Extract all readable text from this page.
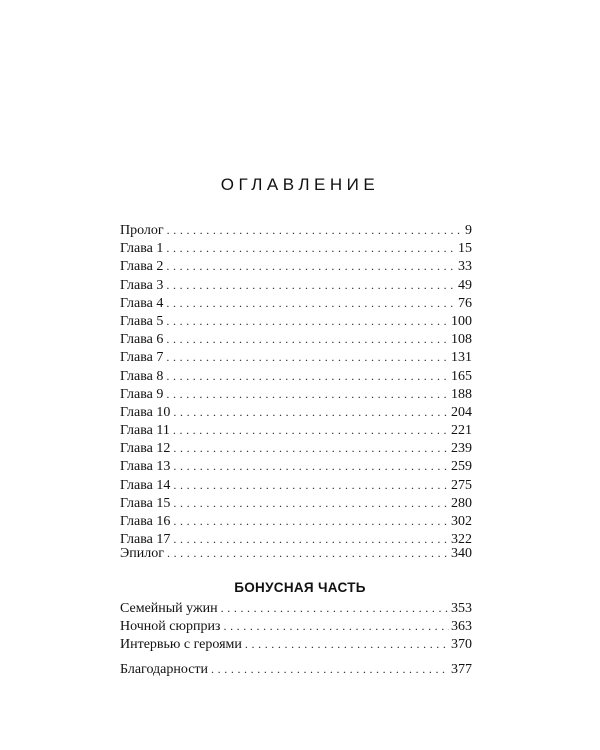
ОГЛАВЛЕНИЕ
Пролог . . .	9
Глава 1 . . .	15
Глава 2 . . .	33
Глава 3 . . .	49
Глава 4 . . .	76
Глава 5 . . .	100
Глава 6 . . .	108
Глава 7 . . .	131
Глава 8 . . .	165
Глава 9 . . .	188
Глава 10 . . .	204
Глава 11 . . .	221
Глава 12 . . .	239
Глава 13 . . .	259
Глава 14 . . .	275
Глава 15 . . .	280
Глава 16 . . .	302
Глава 17 . . .	322
Эпилог . . .	340
БОНУСНАЯ ЧАСТЬ
Семейный ужин . . .	353
Ночной сюрприз . . .	363
Интервью с героями . . .	370
Благодарности . . .	377
